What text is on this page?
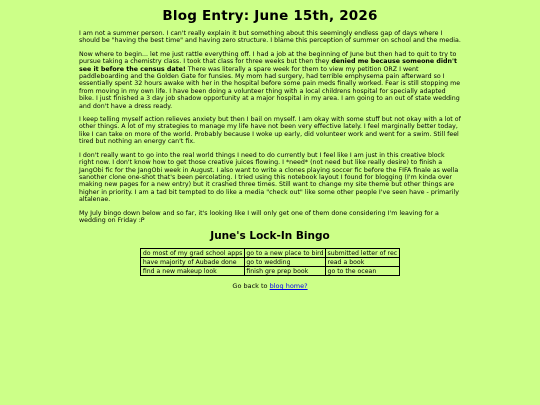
Blog Entry: June 15th, 2026

I am not a summer person. I can't really explain it but something about this seemingly endless gap of days where I should be "having the best time" and having zero structure. I blame this perception of summer on school and the media.

Now where to begin... let me just rattle everything off. I had a job at the beginning of June but then had to quit to try to pursue taking a chemistry class. I took that class for three weeks but then they denied me because someone didn't see it before the census date! There was literally a spare week for them to view my petition ORZ I went paddleboarding and the Golden Gate for funsies. My mom had surgery, had terrible emphysema pain afterward so I essentially spent 32 hours awake with her in the hospital before some pain meds finally worked. Fear is still stopping me from moving in my own life. I have been doing a volunteer thing with a local childrens hospital for specially adapted bike. I just finished a 3 day job shadow opportunity at a major hospital in my area. I am going to an out of state wedding and don't have a dress ready.

I keep telling myself action relieves anxiety but then I bail on myself. I am okay with some stuff but not okay with a lot of other things. A lot of my strategies to manage my life have not been very effective lately. I feel marginally better today, like I can take on more of the world. Probably because I woke up early, did volunteer work and went for a swim. Still feel tired but nothing an energy can't fix.

I don't really want to go into the real world things I need to do currently but I feel like I am just in this creative block right now. I don't know how to get those creative juices flowing. I *need* (not need but like really desire) to finish a JangObi fic for the JangObi week in August. I also want to write a clones playing soccer fic before the FIFA finale as wella sanother clone one-shot that's been percolating. I tried using this notebook layout I found for blogging (I'm kinda over making new pages for a new entry) but it crashed three times. Still want to change my site theme but other things are higher in priority. I am a tad bit tempted to do like a media "check out" like some other people I've seen have - primarily altalenae.

My July bingo down below and so far, it's looking like I will only get one of them done considering I'm leaving for a wedding on Friday :P

June's Lock-In Bingo
do most of my grad school apps	go to a new place to bird	submitted letter of rec
have majority of Aubade done	go to wedding	read a book
find a new makeup look	finish gre prep book	go to the ocean
Go back to blog home?
